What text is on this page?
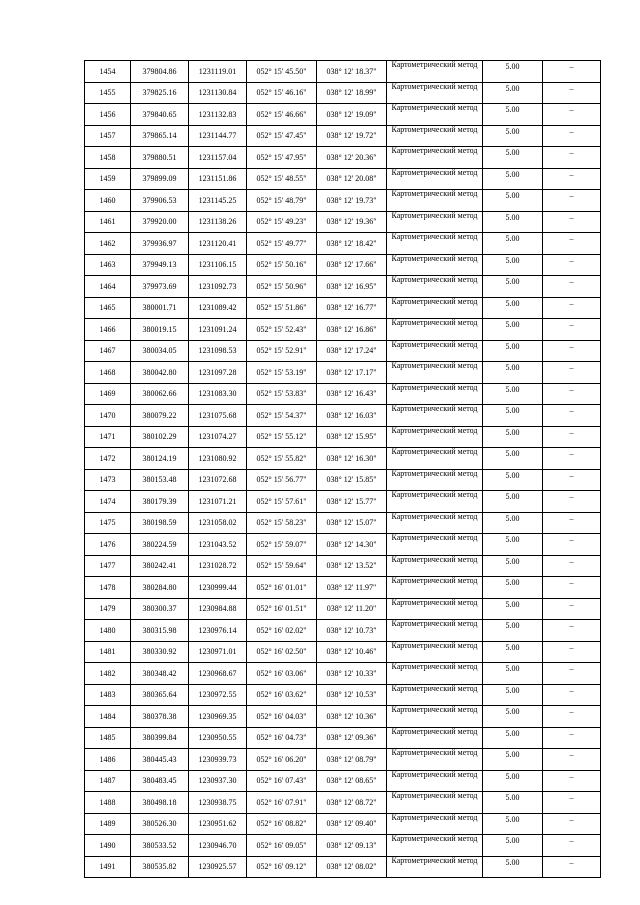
1454	379804.86	1231119.01	052° 15' 45.50"	038° 12' 18.37"	Картометрический метод	5.00	–
1455	379825.16	1231130.84	052° 15' 46.16"	038° 12' 18.99"	Картометрический метод	5.00	–
1456	379840.65	1231132.83	052° 15' 46.66"	038° 12' 19.09"	Картометрический метод	5.00	–
1457	379865.14	1231144.77	052° 15' 47.45"	038° 12' 19.72"	Картометрический метод	5.00	–
1458	379880.51	1231157.04	052° 15' 47.95"	038° 12' 20.36"	Картометрический метод	5.00	–
1459	379899.09	1231151.86	052° 15' 48.55"	038° 12' 20.08"	Картометрический метод	5.00	–
1460	379906.53	1231145.25	052° 15' 48.79"	038° 12' 19.73"	Картометрический метод	5.00	–
1461	379920.00	1231138.26	052° 15' 49.23"	038° 12' 19.36"	Картометрический метод	5.00	–
1462	379936.97	1231120.41	052° 15' 49.77"	038° 12' 18.42"	Картометрический метод	5.00	–
1463	379949.13	1231106.15	052° 15' 50.16"	038° 12' 17.66"	Картометрический метод	5.00	–
1464	379973.69	1231092.73	052° 15' 50.96"	038° 12' 16.95"	Картометрический метод	5.00	–
1465	380001.71	1231089.42	052° 15' 51.86"	038° 12' 16.77"	Картометрический метод	5.00	–
1466	380019.15	1231091.24	052° 15' 52.43"	038° 12' 16.86"	Картометрический метод	5.00	–
1467	380034.05	1231098.53	052° 15' 52.91"	038° 12' 17.24"	Картометрический метод	5.00	–
1468	380042.80	1231097.28	052° 15' 53.19"	038° 12' 17.17"	Картометрический метод	5.00	–
1469	380062.66	1231083.30	052° 15' 53.83"	038° 12' 16.43"	Картометрический метод	5.00	–
1470	380079.22	1231075.68	052° 15' 54.37"	038° 12' 16.03"	Картометрический метод	5.00	–
1471	380102.29	1231074.27	052° 15' 55.12"	038° 12' 15.95"	Картометрический метод	5.00	–
1472	380124.19	1231080.92	052° 15' 55.82"	038° 12' 16.30"	Картометрический метод	5.00	–
1473	380153.48	1231072.68	052° 15' 56.77"	038° 12' 15.85"	Картометрический метод	5.00	–
1474	380179.39	1231071.21	052° 15' 57.61"	038° 12' 15.77"	Картометрический метод	5.00	–
1475	380198.59	1231058.02	052° 15' 58.23"	038° 12' 15.07"	Картометрический метод	5.00	–
1476	380224.59	1231043.52	052° 15' 59.07"	038° 12' 14.30"	Картометрический метод	5.00	–
1477	380242.41	1231028.72	052° 15' 59.64"	038° 12' 13.52"	Картометрический метод	5.00	–
1478	380284.80	1230999.44	052° 16' 01.01"	038° 12' 11.97"	Картометрический метод	5.00	–
1479	380300.37	1230984.88	052° 16' 01.51"	038° 12' 11.20"	Картометрический метод	5.00	–
1480	380315.98	1230976.14	052° 16' 02.02"	038° 12' 10.73"	Картометрический метод	5.00	–
1481	380330.92	1230971.01	052° 16' 02.50"	038° 12' 10.46"	Картометрический метод	5.00	–
1482	380348.42	1230968.67	052° 16' 03.06"	038° 12' 10.33"	Картометрический метод	5.00	–
1483	380365.64	1230972.55	052° 16' 03.62"	038° 12' 10.53"	Картометрический метод	5.00	–
1484	380378.38	1230969.35	052° 16' 04.03"	038° 12' 10.36"	Картометрический метод	5.00	–
1485	380399.84	1230950.55	052° 16' 04.73"	038° 12' 09.36"	Картометрический метод	5.00	–
1486	380445.43	1230939.73	052° 16' 06.20"	038° 12' 08.79"	Картометрический метод	5.00	–
1487	380483.45	1230937.30	052° 16' 07.43"	038° 12' 08.65"	Картометрический метод	5.00	–
1488	380498.18	1230938.75	052° 16' 07.91"	038° 12' 08.72"	Картометрический метод	5.00	–
1489	380526.30	1230951.62	052° 16' 08.82"	038° 12' 09.40"	Картометрический метод	5.00	–
1490	380533.52	1230946.70	052° 16' 09.05"	038° 12' 09.13"	Картометрический метод	5.00	–
1491	380535.82	1230925.57	052° 16' 09.12"	038° 12' 08.02"	Картометрический метод	5.00	–
